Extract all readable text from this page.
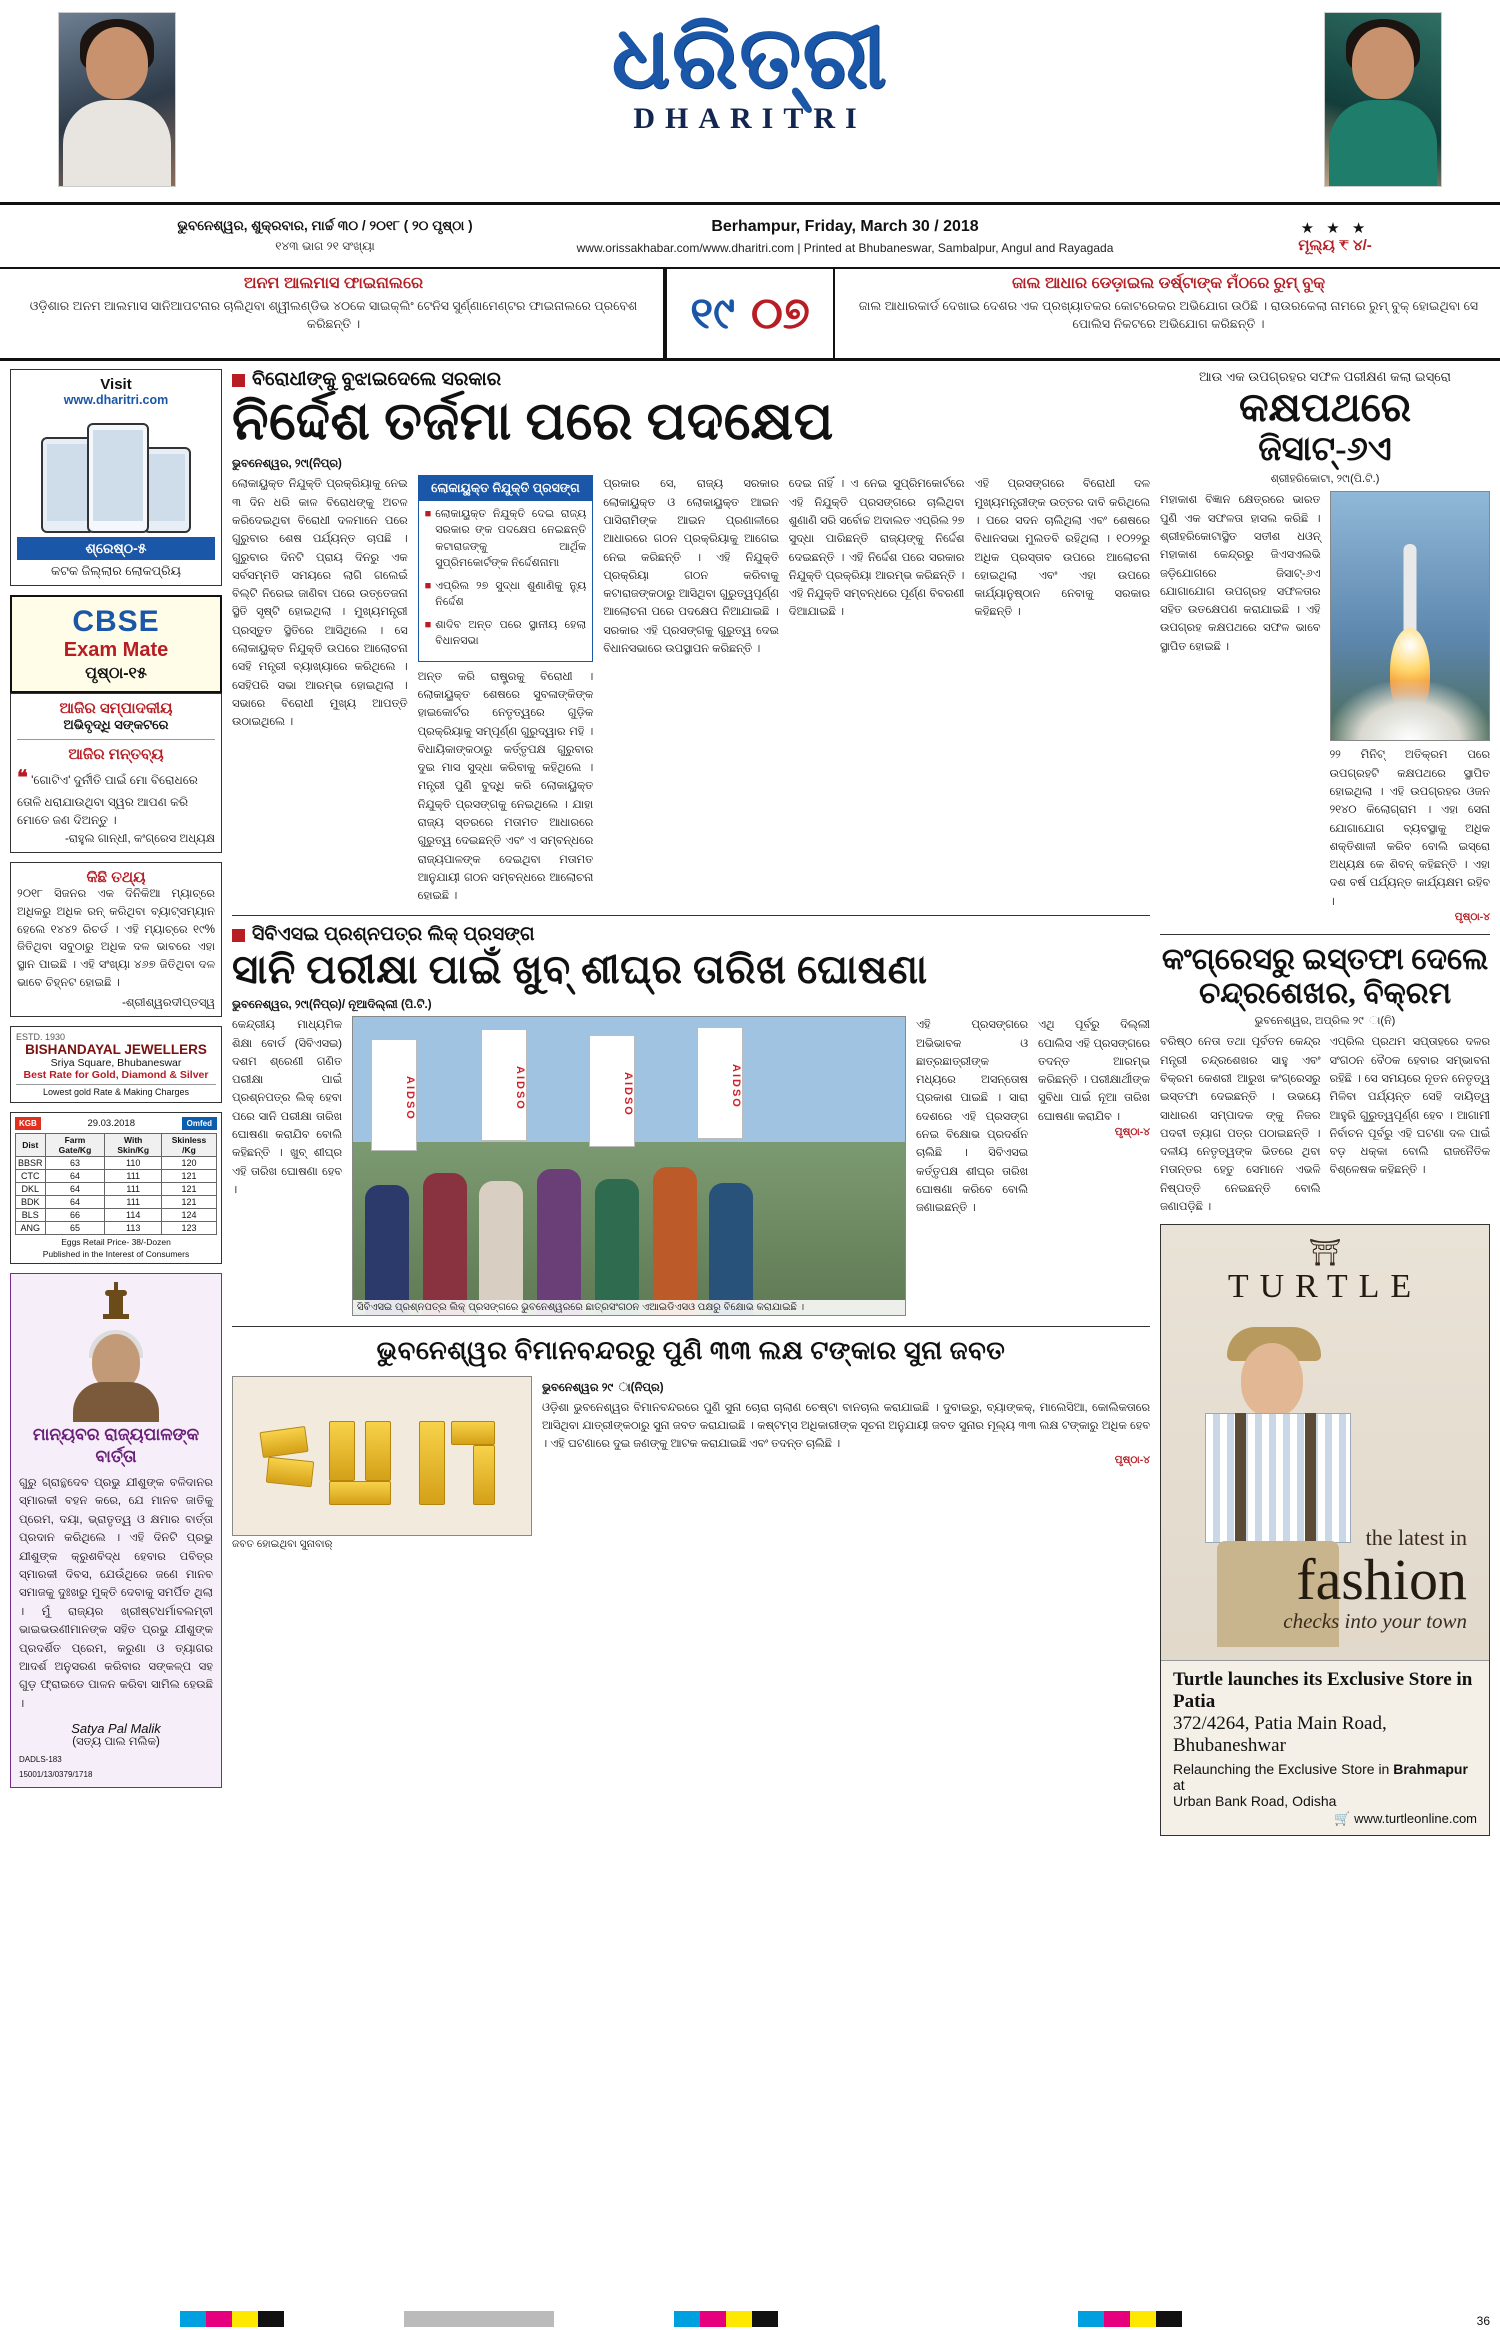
ଧରିତ୍ରୀ
DHARITRI
ଭୁବନେଶ୍ୱର, ଶୁକ୍ରବାର, ମାର୍ଚ୍ଚ ୩୦ / ୨୦୧୮ ( ୨୦ ପୃଷ୍ଠା )
୧୪୩ ଭାଗ ୨୧ ସଂଖ୍ୟା
Berhampur, Friday, March 30 / 2018
www.orissakhabar.com/www.dharitri.com | Printed at Bhubaneswar, Sambalpur, Angul and Rayagada
★ ★ ★
ମୂଲ୍ୟ ₹ ୪/-
ଅନମ ଆଲମାସ ଫାଇନାଲରେ
ଓଡ଼ିଶାର ଅନମ ଆଲମାସ ସାନିଆପଟନାର ଚାଲିଥିବା ଶ୍ୱୀଲଣ୍ଡିଭ ୪୦କେ ସାଇକ୍ଲିଂ ଟେନିସ ସୁର୍ଣ୍ଣାମେଣ୍ଟର ଫାଇନାଲରେ ପ୍ରବେଶ କରିଛନ୍ତି ।	୧୯ ୦୭
ଜାଲ ଆଧାର ଡେଡ଼ାଇଲ ଡର୍ଷ୍ଟାଙ୍କ ମଁଠରେ ରୁମ୍ ବୁକ୍
ଜାଲ ଆଧାରକାର୍ଡ ଦେଖାଇ ଦେଶର ଏକ ପ୍ରଖ୍ୟାତକର କୋଟରେକର ଅଭିଯୋଗ ଉଠିଛି । ରାଉରକେଲା ନାମରେ ରୁମ୍ ବୁକ୍ ହୋଇଥିବା ସେ ପୋଲିସ ନିକଟରେ ଅଭିଯୋଗ କରିଛନ୍ତି ।
Visit
www.dharitri.com
ଶ୍ରେଷ୍ଠ-୫
କଟକ ଜିଲ୍ଲାର ଲୋକପ୍ରିୟ
CBSE
Exam Mate
ପୃଷ୍ଠା-୧୫
ଆଜିର ସମ୍ପାଦକୀୟ
ଅଭିବୃଦ୍ଧି ସଙ୍କଟରେ
ଆଜିର ମନ୍ତବ୍ୟ
❝ 'ଗୋଟିଏ' ଦୁର୍ନୀତି ପାଇଁ ମୋ ବିରୋଧରେ ତୋଳି ଧରାଯାଉଥିବା ସ୍ୱର ଆପଣ କରି ମୋତେ ଜଣ ଦିଅନ୍ତୁ ।
-ରାହୁଲ ଗାନ୍ଧୀ, କଂଗ୍ରେସ ଅଧ୍ୟକ୍ଷ
କିଛି ତଥ୍ୟ
୨୦୧୮ ସିଜନର ଏକ ଦିନିକିଆ ମ୍ୟାଚ୍‌ରେ ଅଧିକରୁ ଅଧିକ ରନ୍ କରିଥିବା ବ୍ୟାଟ୍ସମ୍ୟାନ ହେଲେ ୧୪୪୨ ରିଚର୍ଡ । ଏହି ମ୍ୟାଚ୍‌ରେ ୧୯% ଜିତିଥିବା ସବୁଠାରୁ ଅଧିକ ଦଳ ଭାବରେ ଏହା ସ୍ଥାନ ପାଇଛି । ଏହି ସଂଖ୍ୟା ୪୬୭ ଜିତିଥିବା ଦଳ ଭାବେ ଚିହ୍ନଟ ହୋଇଛି ।
-ଶ୍ରୀଶ୍ୱରଦୀପ୍ତସ୍ୱ
ESTD. 1930
BISHANDAYAL JEWELLERS
Sriya Square, Bhubaneswar
Best Rate for Gold, Diamond & Silver
Lowest gold Rate & Making Charges
KGB	29.03.2018	Omfed
Dist	Farm Gate/Kg	With Skin/Kg	Skinless /Kg
BBSR	63	110	120
CTC	64	111	121
DKL	64	111	121
BDK	64	111	121
BLS	66	114	124
ANG	65	113	123
Eggs Retail Price- 38/-Dozen
Published in the Interest of Consumers
ମାନ୍ୟବର ରାଜ୍ୟପାଳଙ୍କ
ବାର୍ତ୍ତା
ଗୁରୁ ଗ୍ରାନ୍ଥଦେବ ପ୍ରଭୁ ଯୀଶୁଙ୍କ ବଳିଦାନର ସ୍ମାରକୀ ବହନ କରେ, ଯେ ମାନବ ଜାତିକୁ ପ୍ରେମ, ଦୟା, ଭ୍ରାତୃତ୍ୱ ଓ କ୍ଷମାର ବାର୍ତ୍ତା ପ୍ରଦାନ କରିଥିଲେ । ଏହି ଦିନଟି ପ୍ରଭୁ ଯୀଶୁଙ୍କ କ୍ରୁଶବିଦ୍ଧ ହେବାର ପବିତ୍ର ସ୍ମାରକୀ ଦିବସ, ଯେଉଁଥିରେ ଜଣେ ମାନବ ସମାଜକୁ ଦୁଃଖରୁ ମୁକ୍ତି ଦେବାକୁ ସମର୍ପିତ ଥିଲା । ମୁଁ ରାଜ୍ୟର ଖ୍ରୀଷ୍ଟଧର୍ମାବଲମ୍ବୀ ଭାଇଭଉଣୀମାନଙ୍କ ସହିତ ପ୍ରଭୁ ଯୀଶୁଙ୍କ ପ୍ରଦର୍ଶିତ ପ୍ରେମ, କରୁଣା ଓ ତ୍ୟାଗର ଆଦର୍ଶ ଅନୁସରଣ କରିବାର ସଙ୍କଳ୍ପ ସହ ଗୁଡ଼ ଫ୍ରାଇଡେ ପାଳନ କରିବା ସାମିଲ ହେଉଛି ।
Satya Pal Malik
(ସତ୍ୟ ପାଲ ମଲିକ)
DADLS-183
15001/13/0379/1718
ବିରୋଧୀଙ୍କୁ ବୁଝାଇଦେଲେ ସରକାର
ନିର୍ଦ୍ଦେଶ ତର୍ଜମା ପରେ ପଦକ୍ଷେପ
ଭୁବନେଶ୍ୱର, ୨୯ା(ନିପ୍ର)
ଲୋକାୟୁକ୍ତ ନିଯୁକ୍ତି ପ୍ରକ୍ରିୟାକୁ ନେଇ ୩ ଦିନ ଧରି କାଳ ବିରୋଧଙ୍କୁ ଅଚଳ କରିଦେଇଥିବା ବିରୋଧୀ ଦଳମାନେ ପରେ ଗୁରୁବାର ଶେଷ ପର୍ଯ୍ୟନ୍ତ ଚାପଛି । ଗୁରୁବାର ଦିନଟି ପ୍ରାୟ ଦିନରୁ ଏକ ସର୍ବସମ୍ମତି ସମୟରେ ଲାଗି ଗଲେଇଁ ବିଲ୍‌ଟି ନିରେଇ ଜାଣିବା ପରେ ଉତ୍ତେଜନା ସ୍ଥିତି ସୃଷ୍ଟି ହୋଇଥିଲା । ମୁଖ୍ୟମନ୍ତ୍ରୀ ପ୍ରସ୍ତୁତ ସ୍ଥିତିରେ ଆସିଥିଲେ । ସେ ଲୋକାୟୁକ୍ତ ନିଯୁକ୍ତି ଉପରେ ଆଲୋଚନା ସେହି ମନ୍ତ୍ରୀ ବ୍ୟାଖ୍ୟାରେ କରିଥିଲେ । ସେହିପରି ସଭା ଆରମ୍ଭ ହୋଇଥିଲା । ସଭାରେ ବିରୋଧୀ ମୁଖ୍ୟ ଆପତ୍ତି ଉଠାଇଥିଲେ ।
ଲୋକାୟୁକ୍ତ ନିଯୁକ୍ତି ପ୍ରସଙ୍ଗ
■ ଲୋକାୟୁକ୍ତ ନିଯୁକ୍ତି ଦେଇ ରାଜ୍ୟ ସରକାର ଙ୍କ ପଦକ୍ଷେପ ନେଇଛନ୍ତି କଟାରାଜଙ୍କୁ ଆର୍ଥିକ ସୁପ୍ରିମକୋର୍ଟଙ୍କ ନିର୍ଦ୍ଦେଶନାମା
■ ଏପ୍ରିଲ ୨୭ ସୁଦ୍ଧା ଶୁଣାଣିକୁ ନ୍ୟୁ ନିର୍ଦ୍ଦେଶ
■ ଶାଦିବ ଅନ୍ତ ପରେ ସ୍ଥାନୀୟ ହେଲା ବିଧାନସଭା
ଅନ୍ତ କରି ରାଷ୍ଟ୍ରକୁ ବିରୋଧୀ । ଲୋକାୟୁକ୍ତ ଶେଷରେ ସୁବଳାଙ୍କିଙ୍କ ହାଇକୋର୍ଟର ନେତୃତ୍ୱରେ ଗୁଡ଼ିକ ପ୍ରକ୍ରିୟାକୁ ସମ୍ପୂର୍ଣ୍ଣ ଗୁରୁଦ୍ୱାର ମହି । ବିଧାୟିକାଙ୍କଠାରୁ କର୍ତ୍ତୃପକ୍ଷ ଗୁରୁବାର ଦୁଇ ମାସ ସୁଦ୍ଧା କରିବାକୁ କହିଥିଲେ । ମନ୍ତ୍ରୀ ପୁଣି ବୁଦ୍ଧି କରି ଲୋକାୟୁକ୍ତ ନିଯୁକ୍ତି ପ୍ରସଙ୍ଗକୁ ନେଇଥିଲେ । ଯାହା ରାଜ୍ୟ ସ୍ତରରେ ମତାମତ ଆଧାରରେ ଗୁରୁତ୍ୱ ଦେଇଛନ୍ତି ଏବଂ ଏ ସମ୍ବନ୍ଧରେ ରାଜ୍ୟପାଳଙ୍କ ଦେଇଥିବା ମତାମତ ଆନୁଯାୟୀ ଗଠନ ସମ୍ବନ୍ଧରେ ଆଲୋଚନା ହୋଇଛି ।
ପ୍ରକାର ସେ, ରାଜ୍ୟ ସରକାର ଲୋକାୟୁକ୍ତ ଓ ଲୋକାୟୁକ୍ତ ଆଇନ ପାସିରାମିଙ୍କ ଆଇନ ପ୍ରଣାଳୀରେ ଆଧାରରେ ଗଠନ ପ୍ରକ୍ରିୟାକୁ ଆଗେଇ ନେଇ କରିଛନ୍ତି । ଏହି ନିଯୁକ୍ତି ପ୍ରକ୍ରିୟା ଗଠନ କରିବାକୁ କଟାରାଜଙ୍କଠାରୁ ଆସିଥିବା ଗୁରୁତ୍ୱପୂର୍ଣ୍ଣ ଆଲୋଚନା ପରେ ପଦକ୍ଷେପ ନିଆଯାଇଛି । ସରକାର ଏହି ପ୍ରସଙ୍ଗକୁ ଗୁରୁତ୍ୱ ଦେଇ ବିଧାନସଭାରେ ଉପସ୍ଥାପନ କରିଛନ୍ତି ।
ଦେଇ ନାହିଁ । ଏ ନେଇ ସୁପ୍ରିମକୋର୍ଟରେ ଏହି ନିଯୁକ୍ତି ପ୍ରସଙ୍ଗରେ ଚାଲିଥିବା ଶୁଣାଣି ସରି ସର୍ବୋଚ୍ଚ ଅଦାଲତ ଏପ୍ରିଲ ୨୭ ସୁଦ୍ଧା ପାରିଛନ୍ତି ରାଜ୍ୟଙ୍କୁ ନିର୍ଦ୍ଦେଶ ଦେଇଛନ୍ତି । ଏହି ନିର୍ଦ୍ଦେଶ ପରେ ସରକାର ନିଯୁକ୍ତି ପ୍ରକ୍ରିୟା ଆରମ୍ଭ କରିଛନ୍ତି । ଏହି ନିଯୁକ୍ତି ସମ୍ବନ୍ଧରେ ପୂର୍ଣ୍ଣ ବିବରଣୀ ଦିଆଯାଇଛି ।
ଏହି ପ୍ରସଙ୍ଗରେ ବିରୋଧୀ ଦଳ ମୁଖ୍ୟମନ୍ତ୍ରୀଙ୍କ ଉତ୍ତର ଦାବି କରିଥିଲେ । ପରେ ସଦନ ଚାଲିଥିଲା ଏବଂ ଶେଷରେ ବିଧାନସଭା ମୁଲତବି ରହିଥିଲା । ୧୦୨୨ରୁ ଅଧିକ ପ୍ରସ୍ତାବ ଉପରେ ଆଲୋଚନା ହୋଇଥିଲା ଏବଂ ଏହା ଉପରେ କାର୍ଯ୍ୟାନୁଷ୍ଠାନ ନେବାକୁ ସରକାର କହିଛନ୍ତି ।
ସିବିଏସଇ ପ୍ରଶ୍ନପତ୍ର ଲିକ୍ ପ୍ରସଙ୍ଗ
ସାନି ପରୀକ୍ଷା ପାଇଁ ଖୁବ୍ ଶୀଘ୍ର ତାରିଖ ଘୋଷଣା
ଭୁବନେଶ୍ୱର, ୨୯ା(ନିପ୍ର)/ ନୂଆଦିଲ୍ଲୀ (ପି.ଟି.)
କେନ୍ଦ୍ରୀୟ ମାଧ୍ୟମିକ ଶିକ୍ଷା ବୋର୍ଡ (ସିବିଏସଇ) ଦଶମ ଶ୍ରେଣୀ ଗଣିତ ପରୀକ୍ଷା ପାଇଁ ପ୍ରଶ୍ନପତ୍ର ଲିକ୍ ହେବା ପରେ ସାନି ପରୀକ୍ଷା ତାରିଖ ଘୋଷଣା କରାଯିବ ବୋଲି କହିଛନ୍ତି । ଖୁବ୍ ଶୀଘ୍ର ଏହି ତାରିଖ ଘୋଷଣା ହେବ ।
AIDSO	AIDSO	AIDSO	AIDSO
ସିବିଏସଇ ପ୍ରଶ୍ନପତ୍ର ଲିକ୍ ପ୍ରସଙ୍ଗରେ ଭୁବନେଶ୍ୱରରେ ଛାତ୍ରସଂଗଠନ ଏଆଇଡିଏସଓ ପକ୍ଷରୁ ବିକ୍ଷୋଭ କରାଯାଇଛି ।
ଏହି ପ୍ରସଙ୍ଗରେ ଅଭିଭାବକ ଓ ଛାତ୍ରଛାତ୍ରୀଙ୍କ ମଧ୍ୟରେ ଅସନ୍ତୋଷ ପ୍ରକାଶ ପାଇଛି । ସାରା ଦେଶରେ ଏହି ପ୍ରସଙ୍ଗ ନେଇ ବିକ୍ଷୋଭ ପ୍ରଦର୍ଶନ ଚାଲିଛି । ସିବିଏସଇ କର୍ତ୍ତୃପକ୍ଷ ଶୀଘ୍ର ତାରିଖ ଘୋଷଣା କରିବେ ବୋଲି ଜଣାଇଛନ୍ତି ।
ଏଥି ପୂର୍ବରୁ ଦିଲ୍ଲୀ ପୋଲିସ ଏହି ପ୍ରସଙ୍ଗରେ ତଦନ୍ତ ଆରମ୍ଭ କରିଛନ୍ତି । ପରୀକ୍ଷାର୍ଥୀଙ୍କ ସୁବିଧା ପାଇଁ ନୂଆ ତାରିଖ ଘୋଷଣା କରାଯିବ ।
ପୃଷ୍ଠା-୪
ଭୁବନେଶ୍ୱର ବିମାନବନ୍ଦରରୁ ପୁଣି ୩୩ ଲକ୍ଷ ଟଙ୍କାର ସୁନା ଜବତ
ଜବତ ହୋଇଥିବା ସୁନାବାର୍
ଭୁବନେଶ୍ୱର ୨୯ ା(ନିପ୍ର)
ଓଡ଼ିଶା ଭୁବନେଶ୍ୱର ବିମାନବନ୍ଦରରେ ପୁଣି ସୁନା ଚୋରା ଚାଲାଣ ଚେଷ୍ଟା ବାନଚାଲ କରାଯାଇଛି । ଦୁବାଇରୁ, ବ୍ୟାଙ୍କକ୍, ମାଲେସିଆ, କୋଲିକତାରେ ଆସିଥିବା ଯାତ୍ରୀଙ୍କଠାରୁ ସୁନା ଜବତ କରାଯାଇଛି । କଷ୍ଟମ୍ସ ଅଧିକାରୀଙ୍କ ସୂଚନା ଅନୁଯାୟୀ ଜବତ ସୁନାର ମୂଲ୍ୟ ୩୩ ଲକ୍ଷ ଟଙ୍କାରୁ ଅଧିକ ହେବ । ଏହି ଘଟଣାରେ ଦୁଇ ଜଣଙ୍କୁ ଆଟକ କରାଯାଇଛି ଏବଂ ତଦନ୍ତ ଚାଲିଛି ।
ପୃଷ୍ଠା-୪
ଆଉ ଏକ ଉପଗ୍ରହର ସଫଳ ପରୀକ୍ଷଣ କଲା ଇସ୍ରୋ
କକ୍ଷପଥରେ
ଜିସାଟ୍-୬ଏ
ଶ୍ରୀହରିକୋଟା, ୨୯ା(ପି.ଟି.)
ମହାକାଶ ବିଜ୍ଞାନ କ୍ଷେତ୍ରରେ ଭାରତ ପୁଣି ଏକ ସଫଳତା ହାସଲ କରିଛି । ଶ୍ରୀହରିକୋଟାସ୍ଥିତ ସତୀଶ ଧଓନ୍ ମହାକାଶ କେନ୍ଦ୍ରରୁ ଜିଏସଏଲଭି ଜଡ଼ିଯୋଗରେ ଜିସାଟ୍-୬ଏ ଯୋଗାଯୋଗ ଉପଗ୍ରହ ସଫଳତାର ସହିତ ଉତକ୍ଷେପଣ କରାଯାଇଛି । ଏହି ଉପଗ୍ରହ କକ୍ଷପଥରେ ସଫଳ ଭାବେ ସ୍ଥାପିତ ହୋଇଛି ।
୨୨ ମିନିଟ୍ ଅତିକ୍ରମ ପରେ ଉପଗ୍ରହଟି କକ୍ଷପଥରେ ସ୍ଥାପିତ ହୋଇଥିଲା । ଏହି ଉପଗ୍ରହର ଓଜନ ୨୧୪୦ କିଲୋଗ୍ରାମ । ଏହା ସେନା ଯୋଗାଯୋଗ ବ୍ୟବସ୍ଥାକୁ ଅଧିକ ଶକ୍ତିଶାଳୀ କରିବ ବୋଲି ଇସ୍ରୋ ଅଧ୍ୟକ୍ଷ କେ ଶିବନ୍ କହିଛନ୍ତି । ଏହା ଦଶ ବର୍ଷ ପର୍ଯ୍ୟନ୍ତ କାର୍ଯ୍ୟକ୍ଷମ ରହିବ ।
ପୃଷ୍ଠା-୪
କଂଗ୍ରେସରୁ ଇସ୍ତଫା ଦେଲେ
ଚନ୍ଦ୍ରଶେଖର, ବିକ୍ରମ
ଭୁବନେଶ୍ୱର, ଅପ୍ରିଲ ୨୯ ା(ନି)
ବରିଷ୍ଠ ନେତା ତଥା ପୂର୍ବତନ କେନ୍ଦ୍ର ମନ୍ତ୍ରୀ ଚନ୍ଦ୍ରଶେଖର ସାହୁ ଏବଂ ବିକ୍ରମ କେଶରୀ ଆରୁଖ କଂଗ୍ରେସରୁ ଇସ୍ତଫା ଦେଇଛନ୍ତି । ଉଭୟେ ସାଧାରଣ ସମ୍ପାଦକ ଙ୍କୁ ନିଜର ପଦବୀ ତ୍ୟାଗ ପତ୍ର ପଠାଇଛନ୍ତି । ଦଳୀୟ ନେତୃତ୍ୱଙ୍କ ଭିତରେ ଥିବା ମତାନ୍ତର ହେତୁ ସେମାନେ ଏଭଳି ନିଷ୍ପତ୍ତି ନେଇଛନ୍ତି ବୋଲି ଜଣାପଡ଼ିଛି ।
ଏପ୍ରିଲ ପ୍ରଥମ ସପ୍ତାହରେ ଦଳର ସଂଗଠନ ବୈଠକ ହେବାର ସମ୍ଭାବନା ରହିଛି । ସେ ସମୟରେ ନୂତନ ନେତୃତ୍ୱ ମିଳିବା ପର୍ଯ୍ୟନ୍ତ ସେହି ଦାୟିତ୍ୱ ଆହୁରି ଗୁରୁତ୍ୱପୂର୍ଣ୍ଣ ହେବ । ଆଗାମୀ ନିର୍ବାଚନ ପୂର୍ବରୁ ଏହି ଘଟଣା ଦଳ ପାଇଁ ବଡ଼ ଧକ୍କା ବୋଲି ରାଜନୈତିକ ବିଶ୍ଳେଷକ କହିଛନ୍ତି ।
⛩
TURTLE
the latest in
fashion
checks into your town
Turtle launches its Exclusive Store in Patia
372/4264, Patia Main Road, Bhubaneshwar
Relaunching the Exclusive Store in Brahmapur at
Urban Bank Road, Odisha
🛒 www.turtleonline.com
36
